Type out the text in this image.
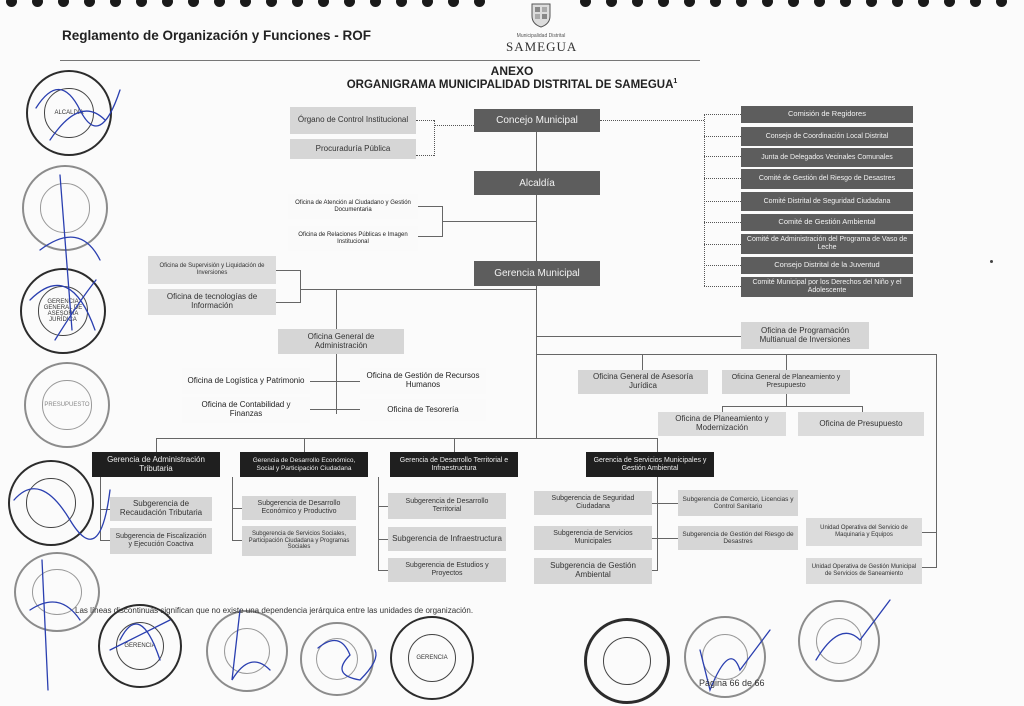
Reglamento de Organización y Funciones - ROF	Municipalidad Distrital
SAMEGUA
ANEXO
ORGANIGRAMA MUNICIPALIDAD DISTRITAL DE SAMEGUA$^1$
Órgano de Control Institucional
Procuraduría Pública
Concejo Municipal
Comisión de Regidores
Consejo de Coordinación Local Distrital
Junta de Delegados Vecinales Comunales
Comité de Gestión del Riesgo de Desastres
Comité Distrital de Seguridad Ciudadana
Comité de Gestión Ambiental
Comité de Administración del Programa de Vaso de Leche
Consejo Distrital de la Juventud
Comité Municipal por los Derechos del Niño y el Adolescente
Alcaldía
Oficina de Atención al Ciudadano y Gestión Documentaria
Oficina de Relaciones Públicas e Imagen Institucional
Gerencia Municipal
Oficina de Supervisión y Liquidación de Inversiones
Oficina de tecnologías de Información
Oficina General de Administración
Oficina de Logística y Patrimonio
Oficina de Contabilidad y Finanzas
Oficina de Gestión de Recursos Humanos
Oficina de Tesorería
Oficina de Programación Multianual de Inversiones
Oficina General de Asesoría Jurídica
Oficina General de Planeamiento y Presupuesto
Oficina de Planeamiento y Modernización	Oficina de Presupuesto
Gerencia de Administración Tributaria
Gerencia de Desarrollo Económico, Social y Participación Ciudadana
Gerencia de Desarrollo Territorial e Infraestructura
Gerencia de Servicios Municipales y Gestión Ambiental
Subgerencia de Recaudación Tributaria
Subgerencia de Fiscalización y Ejecución Coactiva
Subgerencia de Desarrollo Económico y Productivo
Subgerencia de Servicios Sociales, Participación Ciudadana y Programas Sociales
Subgerencia de Desarrollo Territorial
Subgerencia de Infraestructura
Subgerencia de Estudios y Proyectos
Subgerencia de Seguridad Ciudadana
Subgerencia de Servicios Municipales
Subgerencia de Gestión Ambiental
Subgerencia de Comercio, Licencias y Control Sanitario
Subgerencia de Gestión del Riesgo de Desastres
Unidad Operativa del Servicio de Maquinaria y Equipos
Unidad Operativa de Gestión Municipal de Servicios de Saneamiento
ALCALDÍA
GERENCIA GENERAL DE ASESORÍA JURÍDICA
PRESUPUESTO
GERENCIA
GERENCIA
Las líneas discontinuas significan que no existe una dependencia jerárquica entre las unidades de organización.
Página 66 de 66
